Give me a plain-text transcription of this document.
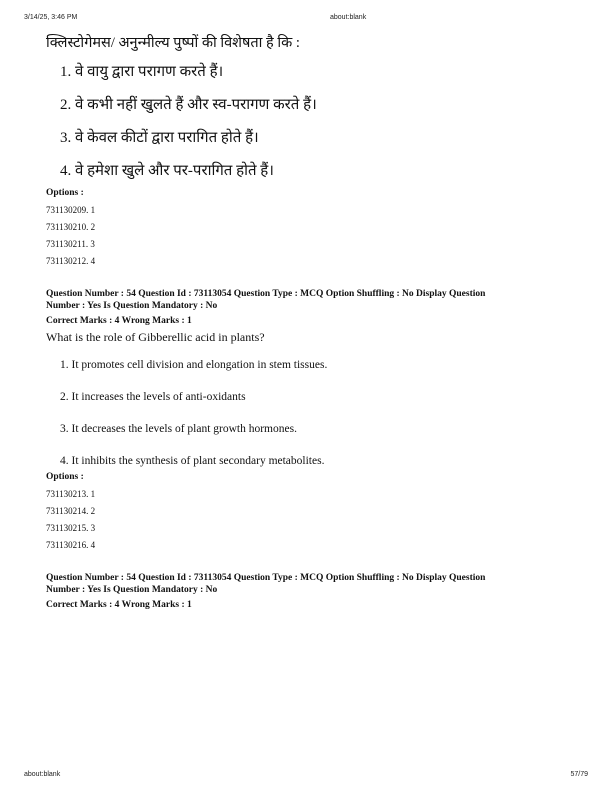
3/14/25, 3:46 PM	about:blank
क्लिस्टोगेमस/ अनुन्मील्य पुष्पों की विशेषता है कि :
1. वे वायु द्वारा परागण करते हैं।
2. वे कभी नहीं खुलते हैं और स्व-परागण करते हैं।
3. वे केवल कीटों द्वारा परागित होते हैं।
4. वे हमेशा खुले और पर-परागित होते हैं।
Options :
731130209. 1
731130210. 2
731130211. 3
731130212. 4
Question Number : 54 Question Id : 73113054 Question Type : MCQ Option Shuffling : No Display Question
Number : Yes Is Question Mandatory : No
Correct Marks : 4 Wrong Marks : 1
What is the role of Gibberellic acid in plants?
1. It promotes cell division and elongation in stem tissues.
2. It increases the levels of anti-oxidants
3. It decreases the levels of plant growth hormones.
4. It inhibits the synthesis of plant secondary metabolites.
Options :
731130213. 1
731130214. 2
731130215. 3
731130216. 4
Question Number : 54 Question Id : 73113054 Question Type : MCQ Option Shuffling : No Display Question
Number : Yes Is Question Mandatory : No
Correct Marks : 4 Wrong Marks : 1
about:blank	57/79
